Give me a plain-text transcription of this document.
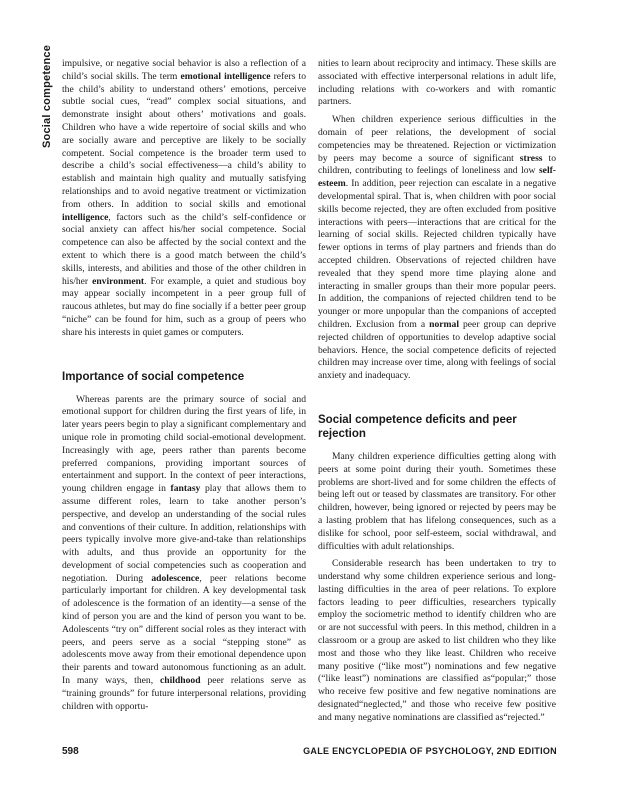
Social competence impulsive, or negative social behavior is also a reflection of a child’s social skills. The term emotional intelligence refers to the child’s ability to understand others’ emotions, perceive subtle social cues, “read” complex social situations, and demonstrate insight about others’ motivations and goals. Children who have a wide repertoire of social skills and who are socially aware and perceptive are likely to be socially competent. Social competence is the broader term used to describe a child’s social effectiveness—a child’s ability to establish and maintain high quality and mutually satisfying relationships and to avoid negative treatment or victimization from others. In addition to social skills and emotional intelligence, factors such as the child’s self-confidence or social anxiety can affect his/her social competence. Social competence can also be affected by the social context and the extent to which there is a good match between the child’s skills, interests, and abilities and those of the other children in his/her environment. For example, a quiet and studious boy may appear socially incompetent in a peer group full of raucous athletes, but may do fine socially if a better peer group “niche” can be found for him, such as a group of peers who share his interests in quiet games or computers.

Importance of social competence

Whereas parents are the primary source of social and emotional support for children during the first years of life, in later years peers begin to play a significant complementary and unique role in promoting child social-emotional development. Increasingly with age, peers rather than parents become preferred companions, providing important sources of entertainment and support. In the context of peer interactions, young children engage in fantasy play that allows them to assume different roles, learn to take another person’s perspective, and develop an understanding of the social rules and conventions of their culture. In addition, relationships with peers typically involve more give-and-take than relationships with adults, and thus provide an opportunity for the development of social competencies such as cooperation and negotiation. During adolescence, peer relations become particularly important for children. A key developmental task of adolescence is the formation of an identity—a sense of the kind of person you are and the kind of person you want to be. Adolescents “try on” different social roles as they interact with peers, and peers serve as a social “stepping stone” as adolescents move away from their emotional dependence upon their parents and toward autonomous functioning as an adult. In many ways, then, childhood peer relations serve as “training grounds” for future interpersonal relations, providing children with opportu-

nities to learn about reciprocity and intimacy. These skills are associated with effective interpersonal relations in adult life, including relations with co-workers and with romantic partners.

When children experience serious difficulties in the domain of peer relations, the development of social competencies may be threatened. Rejection or victimization by peers may become a source of significant stress to children, contributing to feelings of loneliness and low self-esteem. In addition, peer rejection can escalate in a negative developmental spiral. That is, when children with poor social skills become rejected, they are often excluded from positive interactions with peers—interactions that are critical for the learning of social skills. Rejected children typically have fewer options in terms of play partners and friends than do accepted children. Observations of rejected children have revealed that they spend more time playing alone and interacting in smaller groups than their more popular peers. In addition, the companions of rejected children tend to be younger or more unpopular than the companions of accepted children. Exclusion from a normal peer group can deprive rejected children of opportunities to develop adaptive social behaviors. Hence, the social competence deficits of rejected children may increase over time, along with feelings of social anxiety and inadequacy.

Social competence deficits and peer rejection

Many children experience difficulties getting along with peers at some point during their youth. Sometimes these problems are short-lived and for some children the effects of being left out or teased by classmates are transitory. For other children, however, being ignored or rejected by peers may be a lasting problem that has lifelong consequences, such as a dislike for school, poor self-esteem, social withdrawal, and difficulties with adult relationships.

Considerable research has been undertaken to try to understand why some children experience serious and long-lasting difficulties in the area of peer relations. To explore factors leading to peer difficulties, researchers typically employ the sociometric method to identify children who are or are not successful with peers. In this method, children in a classroom or a group are asked to list children who they like most and those who they like least. Children who receive many positive (“like most”) nominations and few negative (“like least”) nominations are classified as“popular;” those who receive few positive and few negative nominations are designated“neglected,” and those who receive few positive and many negative nominations are classified as“rejected.”

598	GALE ENCYCLOPEDIA OF PSYCHOLOGY, 2ND EDITION
